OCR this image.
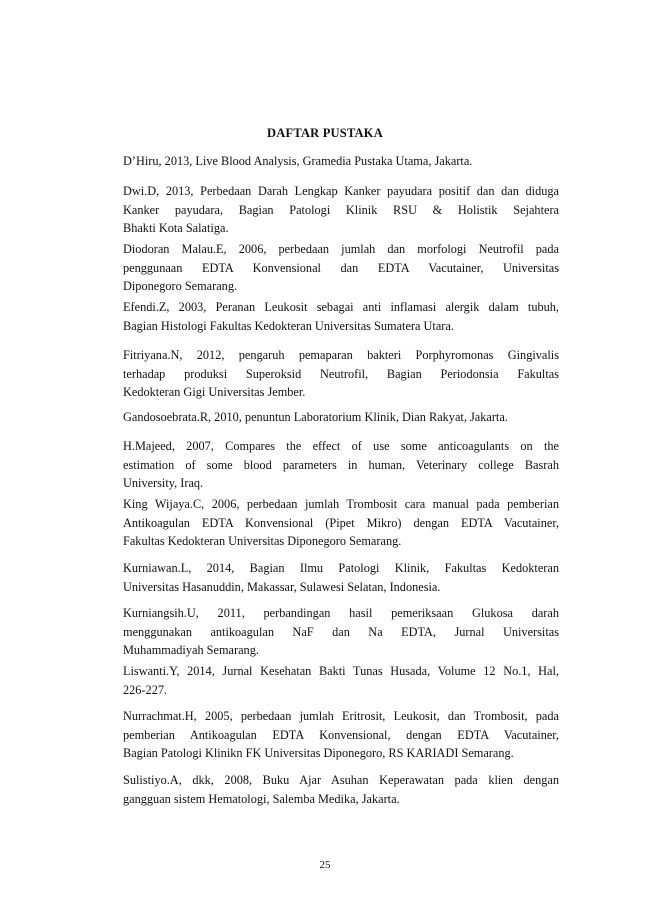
DAFTAR PUSTAKA
D’Hiru, 2013, Live Blood Analysis, Gramedia Pustaka Utama, Jakarta.
Dwi.D, 2013, Perbedaan Darah Lengkap Kanker payudara positif dan dan diduga
Kanker payudara, Bagian Patologi Klinik RSU & Holistik Sejahtera
Bhakti Kota Salatiga.
Diodoran Malau.E, 2006, perbedaan jumlah dan morfologi Neutrofil pada
penggunaan EDTA Konvensional dan EDTA Vacutainer, Universitas
Diponegoro Semarang.
Efendi.Z, 2003, Peranan Leukosit sebagai anti inflamasi alergik dalam tubuh,
Bagian Histologi Fakultas Kedokteran Universitas Sumatera Utara.
Fitriyana.N, 2012, pengaruh pemaparan bakteri Porphyromonas Gingivalis
terhadap produksi Superoksid Neutrofil, Bagian Periodonsia Fakultas
Kedokteran Gigi Universitas Jember.
Gandosoebrata.R, 2010, penuntun Laboratorium Klinik, Dian Rakyat, Jakarta.
H.Majeed, 2007, Compares the effect of use some anticoagulants on the
estimation of some blood parameters in human, Veterinary college Basrah
University, Iraq.
King Wijaya.C, 2006, perbedaan jumlah Trombosit cara manual pada pemberian
Antikoagulan EDTA Konvensional (Pipet Mikro) dengan EDTA Vacutainer,
Fakultas Kedokteran Universitas Diponegoro Semarang.
Kurniawan.L, 2014, Bagian Ilmu Patologi Klinik, Fakultas Kedokteran
Universitas Hasanuddin, Makassar, Sulawesi Selatan, Indonesia.
Kurniangsih.U, 2011, perbandingan hasil pemeriksaan Glukosa darah
menggunakan antikoagulan NaF dan Na EDTA, Jurnal Universitas
Muhammadiyah Semarang.
Liswanti.Y, 2014, Jurnal Kesehatan Bakti Tunas Husada, Volume 12 No.1, Hal,
226-227.
Nurrachmat.H, 2005, perbedaan jumlah Eritrosit, Leukosit, dan Trombosit, pada
pemberian Antikoagulan EDTA Konvensional, dengan EDTA Vacutainer,
Bagian Patologi Klinikn FK Universitas Diponegoro, RS KARIADI Semarang.
Sulistiyo.A, dkk, 2008, Buku Ajar Asuhan Keperawatan pada klien dengan
gangguan sistem Hematologi, Salemba Medika, Jakarta.
25
